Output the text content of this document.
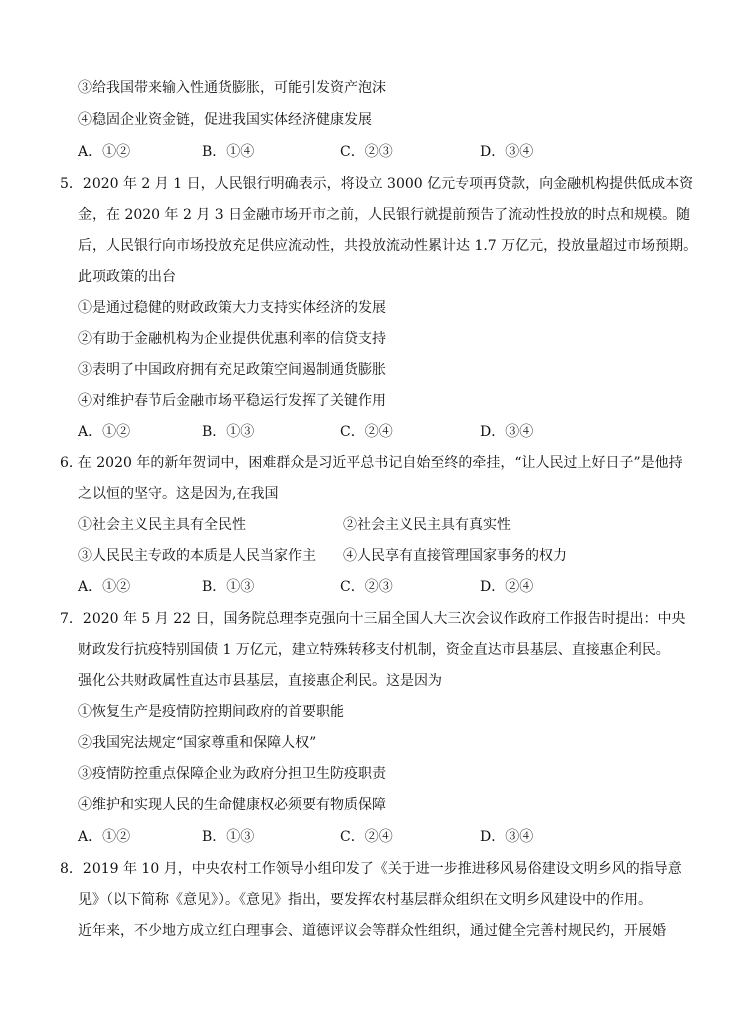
③给我国带来输入性通货膨胀，可能引发资产泡沫
④稳固企业资金链，促进我国实体经济健康发展
A．①②	B．①④	C．②③	D．③④
5．2020 年 2 月 1 日，人民银行明确表示，将设立 3000 亿元专项再贷款，向金融机构提供低成本资
金，在 2020 年 2 月 3 日金融市场开市之前，人民银行就提前预告了流动性投放的时点和规模。随
后，人民银行向市场投放充足供应流动性，共投放流动性累计达 1.7 万亿元，投放量超过市场预期。
此项政策的出台
①是通过稳健的财政政策大力支持实体经济的发展
②有助于金融机构为企业提供优惠利率的信贷支持
③表明了中国政府拥有充足政策空间遏制通货膨胀
④对维护春节后金融市场平稳运行发挥了关键作用
A．①②	B．①③	C．②④	D．③④
6. 在 2020 年的新年贺词中，困难群众是习近平总书记自始至终的牵挂，“让人民过上好日子”是他持
之以恒的坚守。这是因为,在我国
①社会主义民主具有全民性	②社会主义民主具有真实性
③人民民主专政的本质是人民当家作主 ④人民享有直接管理国家事务的权力
A．①②	B．①③	C．②③	D．②④
7．2020 年 5 月 22 日，国务院总理李克强向十三届全国人大三次会议作政府工作报告时提出：中央
财政发行抗疫特别国债 1 万亿元，建立特殊转移支付机制，资金直达市县基层、直接惠企利民。
强化公共财政属性直达市县基层，直接惠企利民。这是因为
①恢复生产是疫情防控期间政府的首要职能
②我国宪法规定“国家尊重和保障人权”
③疫情防控重点保障企业为政府分担卫生防疫职责
④维护和实现人民的生命健康权必须要有物质保障
A．①②	B．①③	C．②④	D．③④
8．2019 年 10 月，中央农村工作领导小组印发了《关于进一步推进移风易俗建设文明乡风的指导意
见》（以下简称《意见》）。《意见》指出，要发挥农村基层群众组织在文明乡风建设中的作用。
近年来，不少地方成立红白理事会、道德评议会等群众性组织，通过健全完善村规民约，开展婚
